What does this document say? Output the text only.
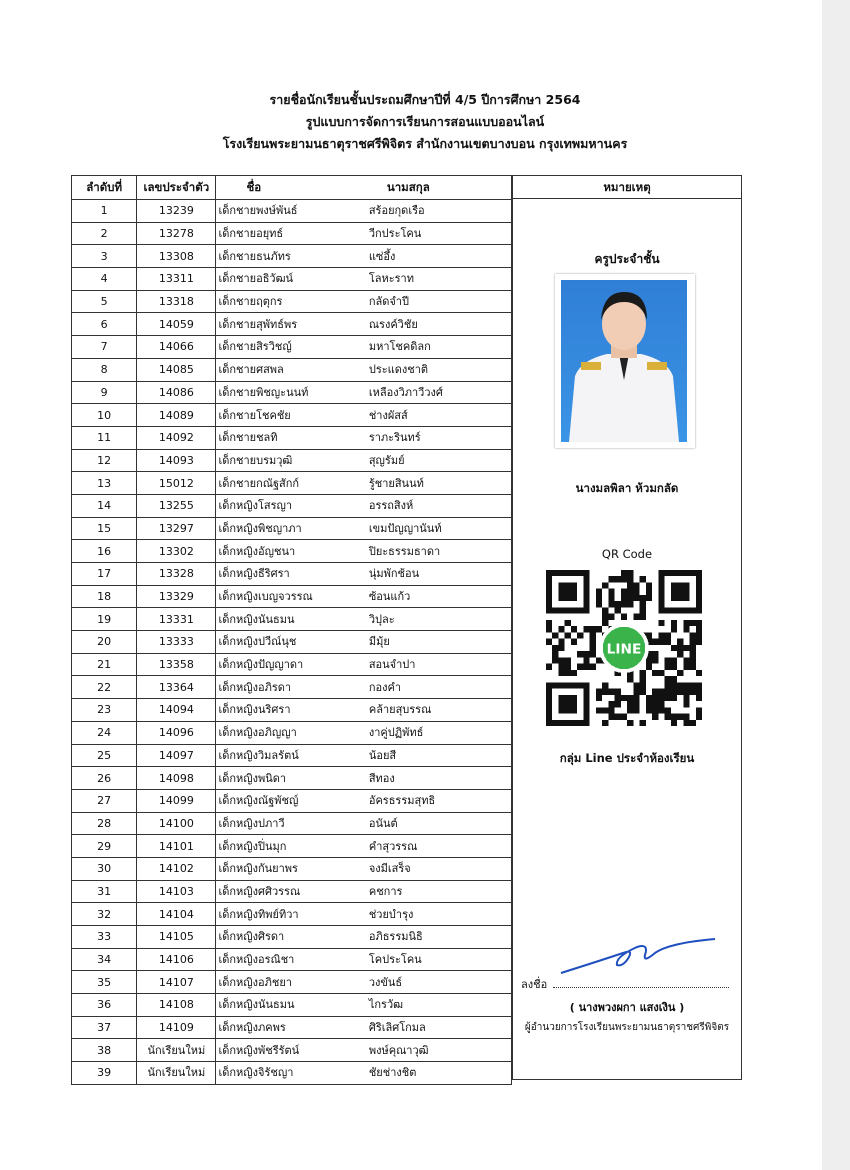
รายชื่อนักเรียนชั้นประถมศึกษาปีที่ 4/5 ปีการศึกษา 2564
รูปแบบการจัดการเรียนการสอนแบบออนไลน์
โรงเรียนพระยามนธาตุราชศรีพิจิตร สำนักงานเขตบางบอน กรุงเทพมหานคร
ลำดับที่	เลขประจำตัว	ชื่อ	นามสกุล
1	13239	เด็กชายพงษ์พันธ์	สร้อยกุดเรือ
2	13278	เด็กชายอยุทธ์	วีกประโคน
3	13308	เด็กชายธนภัทร	แซ่อึ้ง
4	13311	เด็กชายอธิวัฒน์	โลหะราท
5	13318	เด็กชายฤตุกร	กลัดจำปี
6	14059	เด็กชายสุพัทธ์พร	ณรงค์วิชัย
7	14066	เด็กชายสิรวิชญ์	มหาโชคดิลก
8	14085	เด็กชายศสพล	ประแดงชาติ
9	14086	เด็กชายพิชญะนนท์	เหลืองวิภาวีวงศ์
10	14089	เด็กชายโชคชัย	ช่างผัสส์
11	14092	เด็กชายชลทิ	ราภะรินทร์
12	14093	เด็กชายบรมวุฒิ	สุญรัมย์
13	15012	เด็กชายกณัฐสักก์	รู้ชายสินนท์
14	13255	เด็กหญิงโสรญา	อรรถสิงห์
15	13297	เด็กหญิงพิชญาภา	เขมปัญญานันท์
16	13302	เด็กหญิงอัญชนา	ปิยะธรรมธาดา
17	13328	เด็กหญิงธีริศรา	นุ่มพักช้อน
18	13329	เด็กหญิงเบญจวรรณ	ซ้อนแก้ว
19	13331	เด็กหญิงนันธมน	วิปุละ
20	13333	เด็กหญิงปวีณ์นุช	มีมุ้ย
21	13358	เด็กหญิงปัญญาดา	สอนจำปา
22	13364	เด็กหญิงอภิรดา	กองคำ
23	14094	เด็กหญิงนริศรา	คล้ายสุบรรณ
24	14096	เด็กหญิงอภิญญา	งาคู่ปฏิพัทธ์
25	14097	เด็กหญิงวิมลรัตน์	น้อยสี
26	14098	เด็กหญิงพนิดา	สีทอง
27	14099	เด็กหญิงณัฐพัชญ์	อัครธรรมสุทธิ
28	14100	เด็กหญิงปภาวี	อนันต์
29	14101	เด็กหญิงปิ่นมุก	คำสุวรรณ
30	14102	เด็กหญิงกันยาพร	จงมีเสร็จ
31	14103	เด็กหญิงศศิวรรณ	คชการ
32	14104	เด็กหญิงทิพย์ทิวา	ช่วยบำรุง
33	14105	เด็กหญิงศิรดา	อภิธรรมนิธิ
34	14106	เด็กหญิงอรณิชา	โคประโคน
35	14107	เด็กหญิงอภิชยา	วงขันธ์
36	14108	เด็กหญิงนันธมน	ไกรวัฒ
37	14109	เด็กหญิงภคพร	ศิริเลิศโกมล
38	นักเรียนใหม่	เด็กหญิงพัชรีรัตน์	พงษ์คุณาวุฒิ
39	นักเรียนใหม่	เด็กหญิงจิรัชญา	ชัยช่างชิต
หมายเหตุ
ครูประจำชั้น
นางมลพิลา ห้วมกลัด
QR Code
LINE
กลุ่ม Line ประจำห้องเรียน
ลงชื่อ
( นางพวงผกา แสงเงิน )
ผู้อำนวยการโรงเรียนพระยามนธาตุราชศรีพิจิตร
